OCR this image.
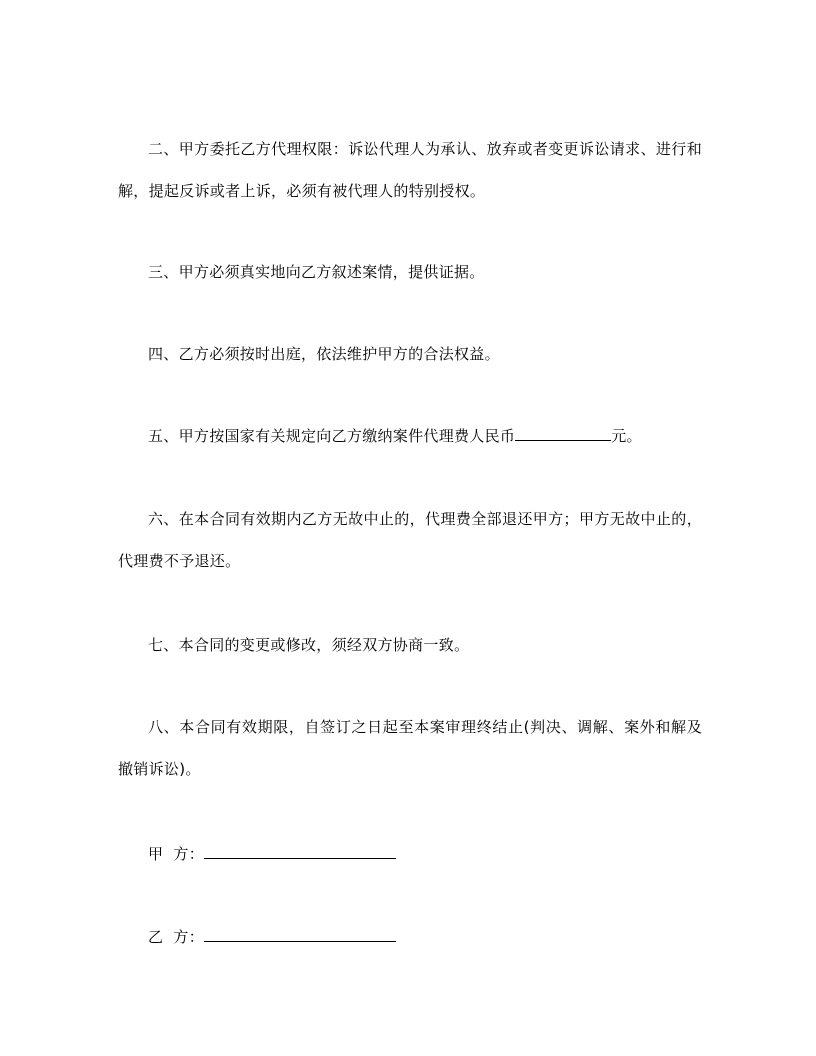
二、甲方委托乙方代理权限：诉讼代理人为承认、放弃或者变更诉讼请求、进行和解，提起反诉或者上诉，必须有被代理人的特别授权。

三、甲方必须真实地向乙方叙述案情，提供证据。

四、乙方必须按时出庭，依法维护甲方的合法权益。

五、甲方按国家有关规定向乙方缴纳案件代理费人民币	元。

六、在本合同有效期内乙方无故中止的，代理费全部退还甲方；甲方无故中止的，代理费不予退还。

七、本合同的变更或修改，须经双方协商一致。

八、本合同有效期限，自签订之日起至本案审理终结止(判决、调解、案外和解及撤销诉讼)。

甲  方：
乙  方：
